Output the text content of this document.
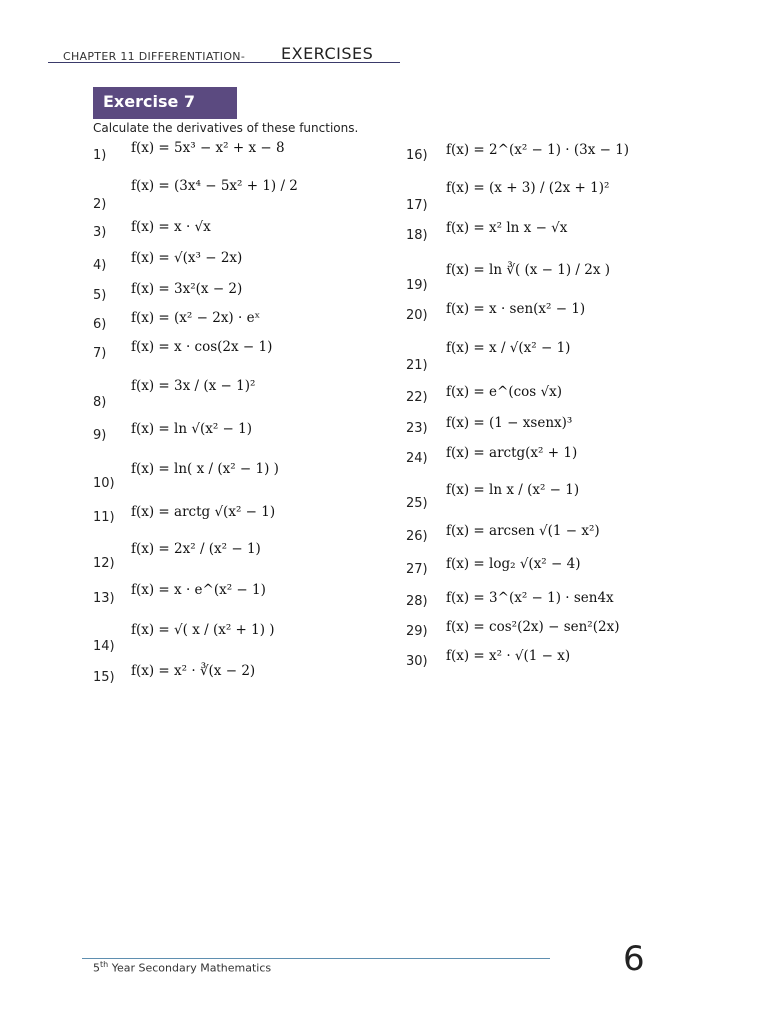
CHAPTER 11 DIFFERENTIATION- EXERCISES
Exercise 7
Calculate the derivatives of these functions.
5th Year Secondary Mathematics	6
1) f(x) = 5x³ − x² + x − 8
2)
f(x) = (3x⁴ − 5x² + 1) / 2
3) f(x) = x · √x
4) f(x) = √(x³ − 2x)
5) f(x) = 3x²(x − 2)
6) f(x) = (x² − 2x) · eˣ
7) f(x) = x · cos(2x − 1)
8)
f(x) = 3x / (x − 1)²
9) f(x) = ln √(x² − 1)
10)
f(x) = ln( x / (x² − 1) )
11) f(x) = arctg √(x² − 1)
12)
f(x) = 2x² / (x² − 1)
13)
f(x) = x · e^(x² − 1)
14)
f(x) = √( x / (x² + 1) )
15) f(x) = x² · ∛(x − 2)
16) f(x) = 2^(x² − 1) · (3x − 1)
17)
f(x) = (x + 3) / (2x + 1)²
18) f(x) = x² ln x − √x
19)
f(x) = ln ∛( (x − 1) / 2x )
20) f(x) = x · sen(x² − 1)
21)
f(x) = x / √(x² − 1)
22) f(x) = e^(cos √x)
23) f(x) = (1 − xsenx)³
24) f(x) = arctg(x² + 1)
25)
f(x) = ln x / (x² − 1)
26) f(x) = arcsen √(1 − x²)
27) f(x) = log₂ √(x² − 4)
28) f(x) = 3^(x² − 1) · sen4x
29) f(x) = cos²(2x) − sen²(2x)
30) f(x) = x² · √(1 − x)
